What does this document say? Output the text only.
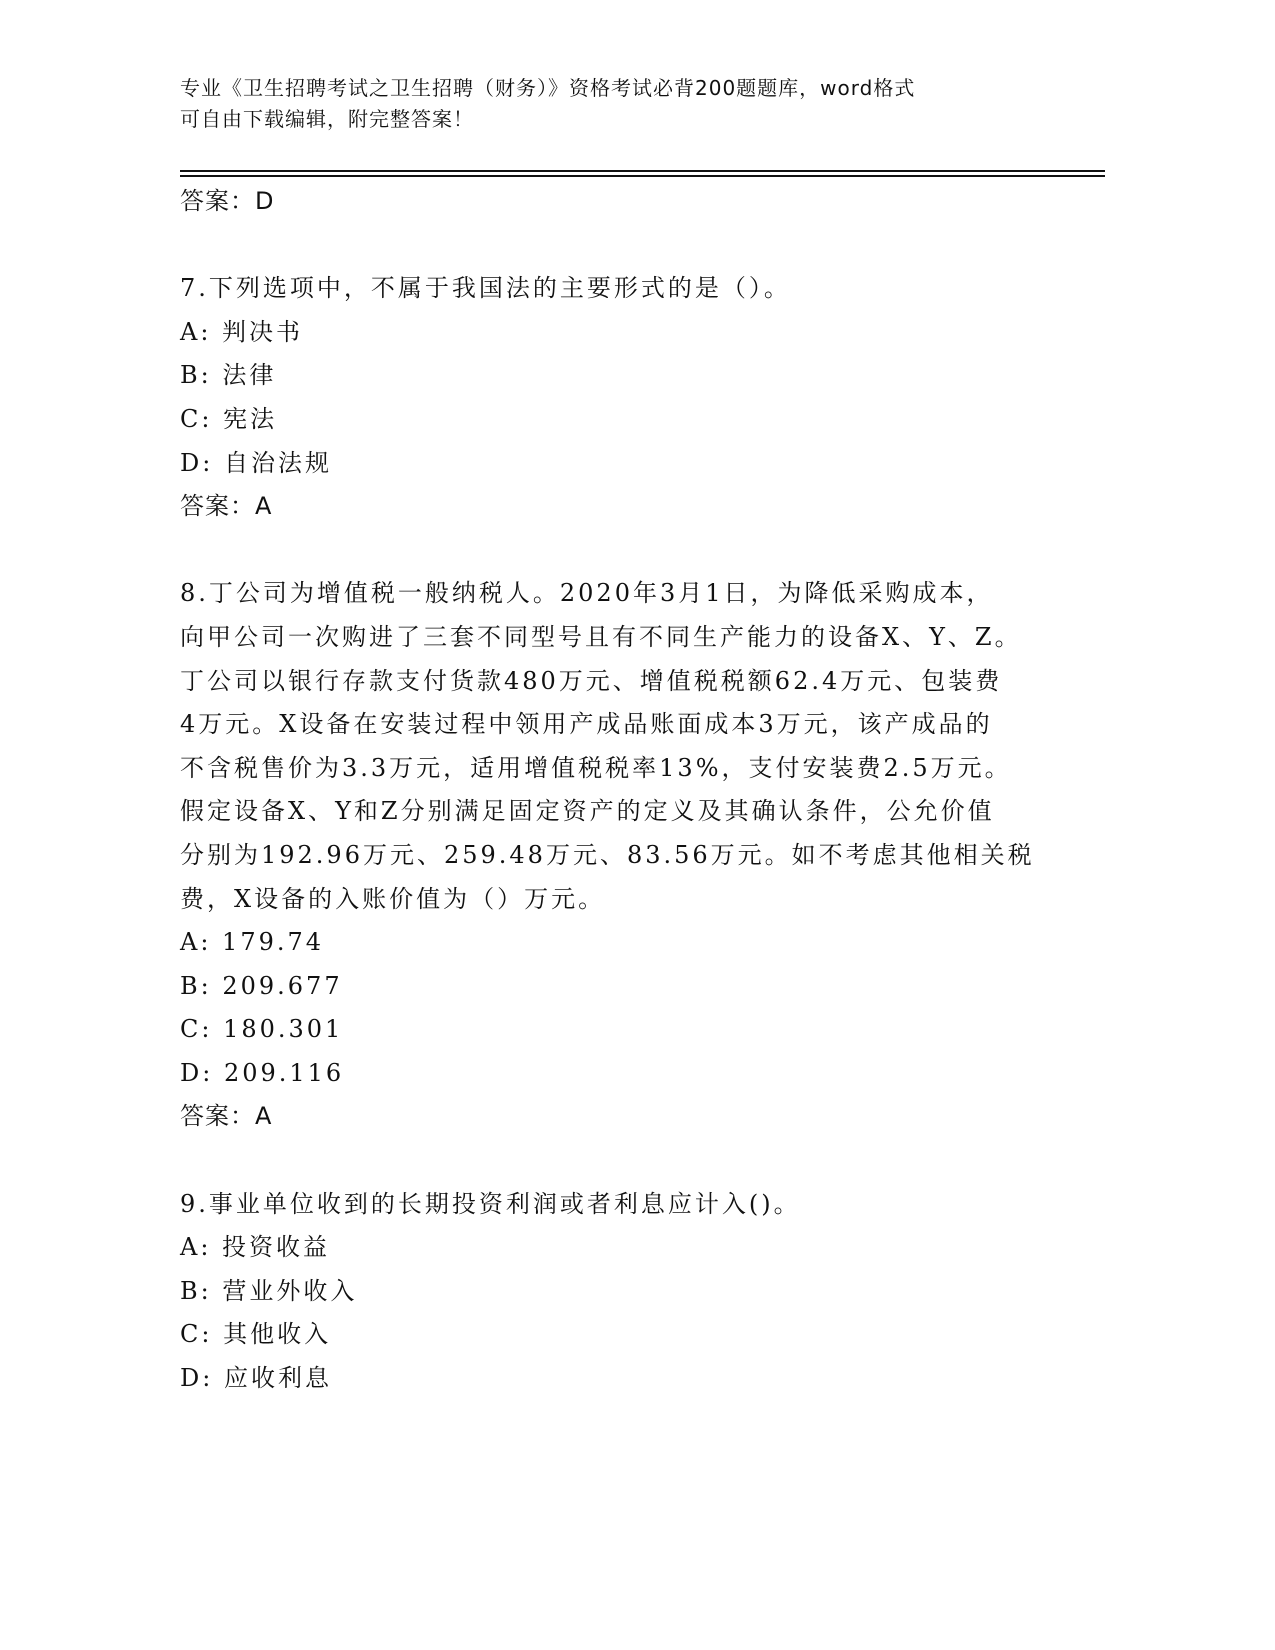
专业《卫生招聘考试之卫生招聘（财务）》资格考试必背200题题库，word格式
可自由下载编辑，附完整答案！
答案：D
7.下列选项中，不属于我国法的主要形式的是（）。
A: 判决书
B: 法律
C: 宪法
D: 自治法规
答案：A
8.丁公司为增值税一般纳税人。2020年3月1日，为降低采购成本，
向甲公司一次购进了三套不同型号且有不同生产能力的设备X、Y、Z。
丁公司以银行存款支付货款480万元、增值税税额62.4万元、包装费
4万元。X设备在安装过程中领用产成品账面成本3万元，该产成品的
不含税售价为3.3万元，适用增值税税率13%，支付安装费2.5万元。
假定设备X、Y和Z分别满足固定资产的定义及其确认条件，公允价值
分别为192.96万元、259.48万元、83.56万元。如不考虑其他相关税
费，X设备的入账价值为（）万元。
A: 179.74
B: 209.677
C: 180.301
D: 209.116
答案：A
9.事业单位收到的长期投资利润或者利息应计入()。
A: 投资收益
B: 营业外收入
C: 其他收入
D: 应收利息
